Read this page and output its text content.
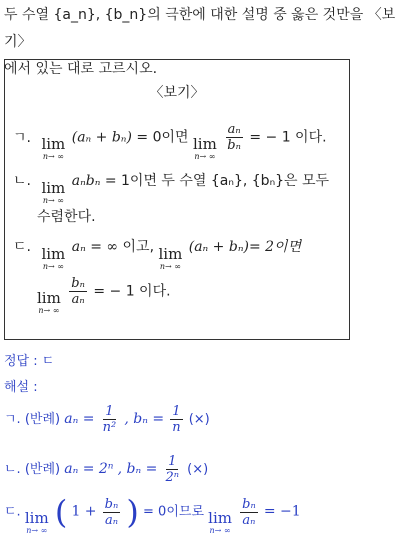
두 수열 {a_n}, {b_n}의 극한에 대한 설명 중 옳은 것만을 〈보기〉
에서 있는 대로 고르시오.
〈보기〉
ㄱ. lim
n→ ∞
(aₙ + bₙ) = 0이면 lim
n→ ∞

$\frac{\text{aₙ}}{\text{bₙ}}$ = − 1 이다.
ㄴ. lim
n→ ∞
aₙbₙ = 1이면 두 수열 {aₙ}, {bₙ}은 모두
수렴한다.
ㄷ. lim
n→ ∞
aₙ = ∞ 이고, lim
n→ ∞
(aₙ + bₙ)= 2이면
lim
n→ ∞

$\frac{\text{bₙ}}{\text{aₙ}}$ = − 1 이다.
정답 : ㄷ
해설 :
ㄱ. (반례) $a_n = \frac{1}{\text{n²}}$ , $b_n = \frac{1}{n}$ (×)
ㄴ. (반례) aₙ = 2ⁿ , $b_n = \frac{1}{\text{2ⁿ}}$ (×)
ㄷ. lim
n→ ∞ ( $1 + \frac{\text{bₙ}}{\text{aₙ}}$ ) = 0이므로 lim
n→ ∞

$\frac{\text{bₙ}}{\text{aₙ}} = -1$
